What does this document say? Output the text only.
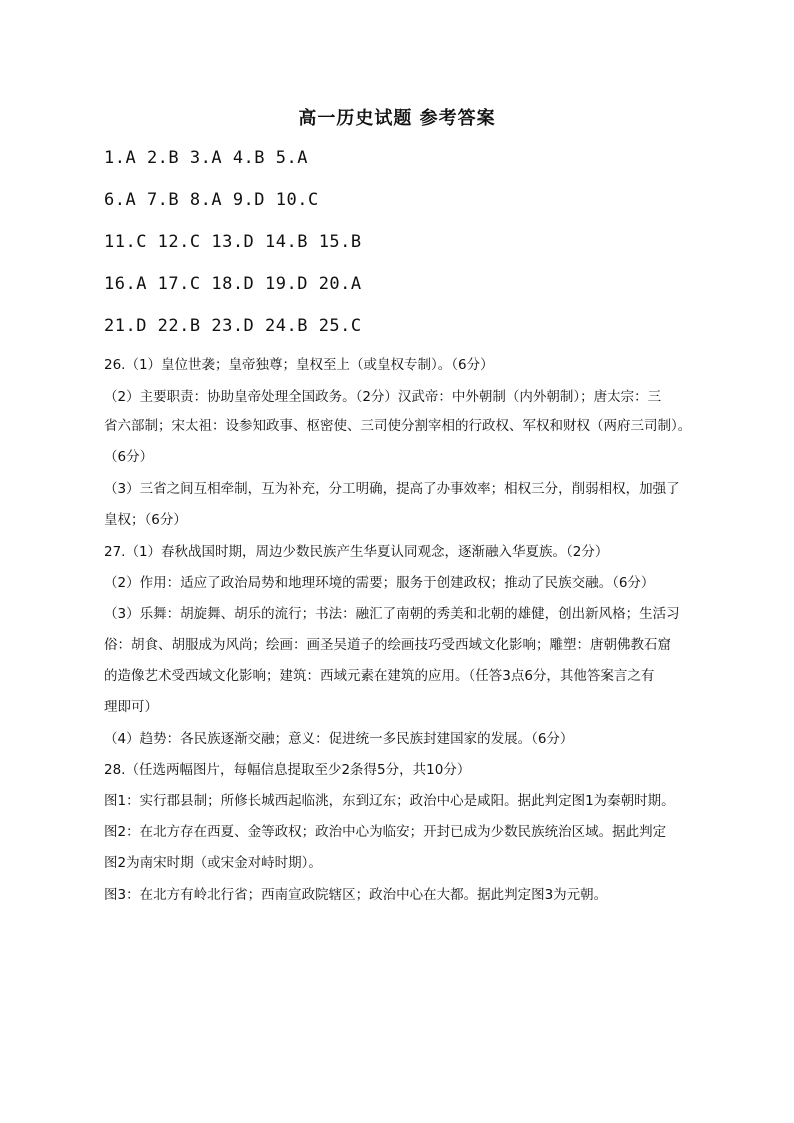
高一历史试题 参考答案
1.A 2.B 3.A 4.B 5.A
6.A 7.B 8.A 9.D 10.C
11.C 12.C 13.D 14.B 15.B
16.A 17.C 18.D 19.D 20.A
21.D 22.B 23.D 24.B 25.C
26.（1）皇位世袭；皇帝独尊；皇权至上（或皇权专制）。（6分）
（2）主要职责：协助皇帝处理全国政务。（2分）汉武帝：中外朝制（内外朝制）；唐太宗：三
省六部制；宋太祖：设参知政事、枢密使、三司使分割宰相的行政权、军权和财权（两府三司制）。
（6分）
（3）三省之间互相牵制，互为补充，分工明确，提高了办事效率；相权三分，削弱相权，加强了
皇权；（6分）
27.（1）春秋战国时期，周边少数民族产生华夏认同观念，逐渐融入华夏族。（2分）
（2）作用：适应了政治局势和地理环境的需要；服务于创建政权；推动了民族交融。（6分）
（3）乐舞：胡旋舞、胡乐的流行；书法：融汇了南朝的秀美和北朝的雄健，创出新风格；生活习
俗：胡食、胡服成为风尚；绘画：画圣吴道子的绘画技巧受西域文化影响；雕塑：唐朝佛教石窟
的造像艺术受西域文化影响；建筑：西域元素在建筑的应用。（任答3点6分，其他答案言之有
理即可）
（4）趋势：各民族逐渐交融；意义：促进统一多民族封建国家的发展。（6分）
28.（任选两幅图片，每幅信息提取至少2条得5分，共10分）
图1：实行郡县制；所修长城西起临洮，东到辽东；政治中心是咸阳。据此判定图1为秦朝时期。
图2：在北方存在西夏、金等政权；政治中心为临安；开封已成为少数民族统治区域。据此判定
图2为南宋时期（或宋金对峙时期）。
图3：在北方有岭北行省；西南宣政院辖区；政治中心在大都。据此判定图3为元朝。
